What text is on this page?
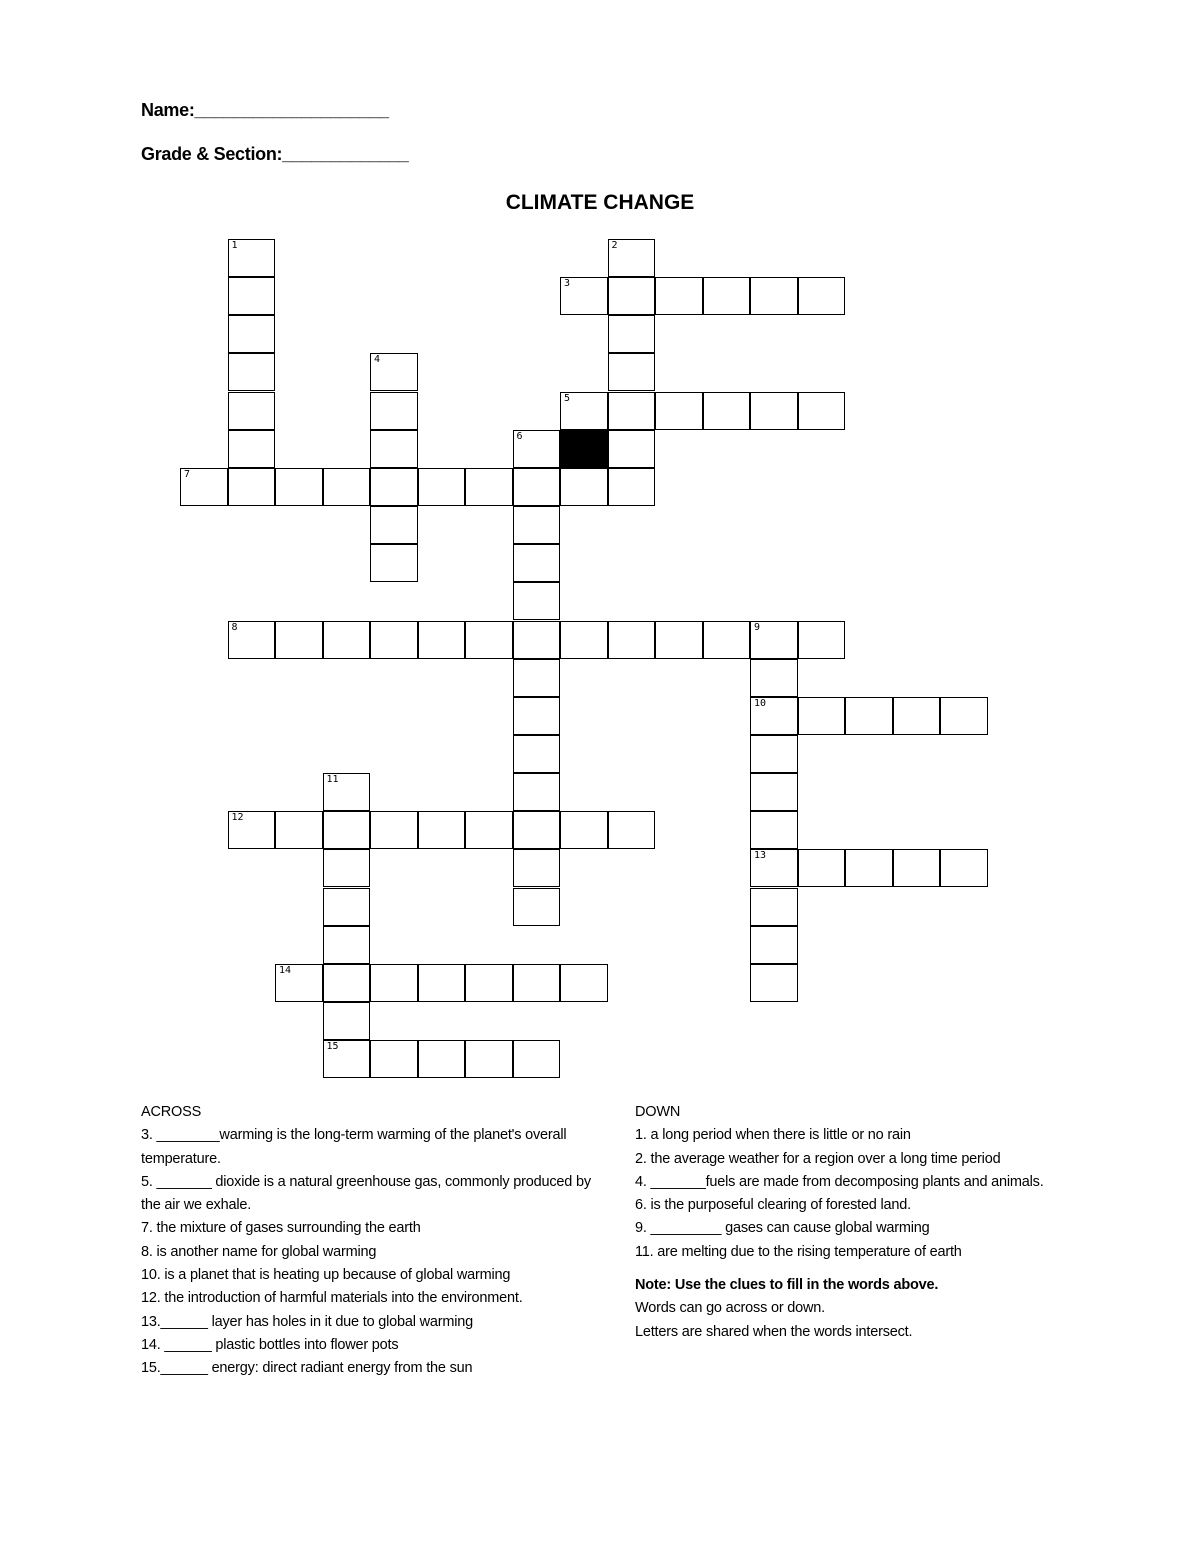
Name:____________________
Grade & Section:_____________
CLIMATE CHANGE
1	2
3
4
5
6
7
8	9
10
13
11
15
12
14

ACROSS

3. ________warming is the long-term warming of the planet's overall temperature.

5. _______ dioxide is a natural greenhouse gas, commonly produced by the air we exhale.

7. the mixture of gases surrounding the earth

8. is another name for global warming

10. is a planet that is heating up because of global warming

12. the introduction of harmful materials into the environment.

13.______ layer has holes in it due to global warming

14. ______ plastic bottles into flower pots

15.______ energy: direct radiant energy from the sun

DOWN

1. a long period when there is little or no rain

2. the average weather for a region over a long time period

4. _______fuels are made from decomposing plants and animals.

6. is the purposeful clearing of forested land.

9. _________ gases can cause global warming

11. are melting due to the rising temperature of earth

Note: Use the clues to fill in the words above.

Words can go across or down.

Letters are shared when the words intersect.
